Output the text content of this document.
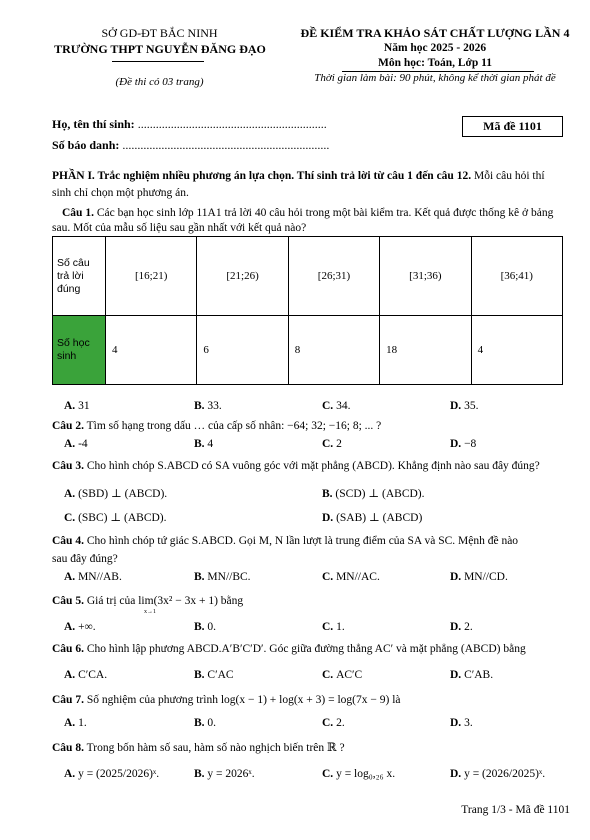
SỞ GD-ĐT BẮC NINH
TRƯỜNG THPT NGUYỄN ĐĂNG ĐẠO
(Đề thi có 03 trang)
ĐỀ KIỂM TRA KHẢO SÁT CHẤT LƯỢNG LẦN 4
Năm học 2025 - 2026
Môn học: Toán, Lớp 11
Thời gian làm bài: 90 phút, không kể thời gian phát đề
Họ, tên thí sinh: ...............................................................
Số báo danh: .....................................................................
Mã đề 1101
PHẦN I. Trắc nghiệm nhiều phương án lựa chọn. Thí sinh trả lời từ câu 1 đến câu 12. Mỗi câu hỏi thí
sinh chỉ chọn một phương án.
Câu 1. Các bạn học sinh lớp 11A1 trả lời 40 câu hỏi trong một bài kiểm tra. Kết quả được thống kê ở bảng
sau. Mốt của mẫu số liệu sau gần nhất với kết quả nào?
Số câu trả lời đúng	[16;21)	[21;26)	[26;31)	[31;36)	[36;41)
Số học sinh	4	6	8	18	4
A. 31	B. 33.	C. 34.	D. 35.
Câu 2. Tìm số hạng trong dấu … của cấp số nhân: −64; 32; −16; 8; ... ?
A. -4	B. 4	C. 2	D. −8
Câu 3. Cho hình chóp S.ABCD có SA vuông góc với mặt phẳng (ABCD). Khẳng định nào sau đây đúng?
A. (SBD) ⊥ (ABCD).	B. (SCD) ⊥ (ABCD).
C. (SBC) ⊥ (ABCD).	D. (SAB) ⊥ (ABCD)
Câu 4. Cho hình chóp tứ giác S.ABCD. Gọi M, N lần lượt là trung điểm của SA và SC. Mệnh đề nào
sau đây đúng?
A. MN//AB.	B. MN//BC.	C. MN//AC.	D. MN//CD.
Câu 5. Giá trị của lim(3x² − 3x + 1) bằng
x→1
A. +∞.	B. 0.	C. 1.	D. 2.
Câu 6. Cho hình lập phương ABCD.A′B′C′D′. Góc giữa đường thẳng AC′ và mặt phẳng (ABCD) bằng
A. C′CA.	B. C′AC	C. AC′C	D. C′AB.
Câu 7. Số nghiệm của phương trình log(x − 1) + log(x + 3) = log(7x − 9) là
A. 1.	B. 0.	C. 2.	D. 3.
Câu 8. Trong bốn hàm số sau, hàm số nào nghịch biến trên ℝ ?
A. y = (2025/2026)ˣ.	B. y = 2026ˣ.	C. y = log₀,₂₆ x.	D. y = (2026/2025)ˣ.
Trang 1/3 - Mã đề 1101
